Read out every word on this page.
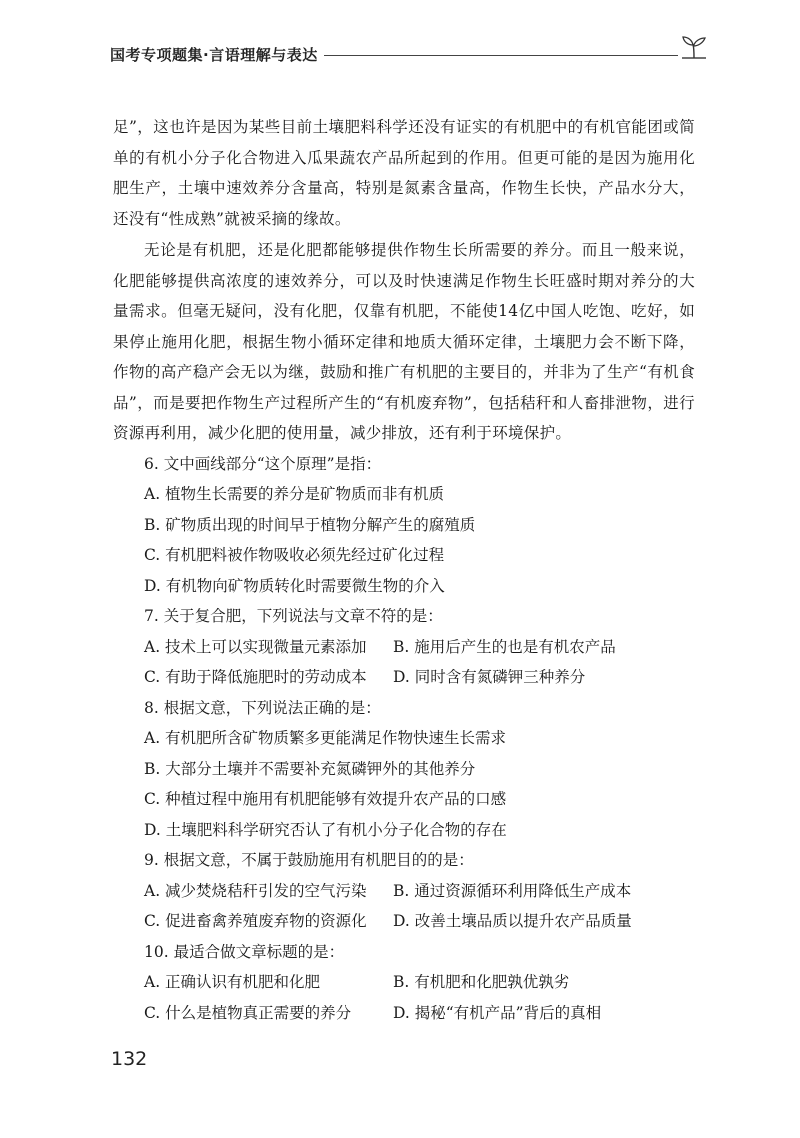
国考专项题集·言语理解与表达

足”，这也许是因为某些目前土壤肥料科学还没有证实的有机肥中的有机官能团或简单的有机小分子化合物进入瓜果蔬农产品所起到的作用。但更可能的是因为施用化肥生产，土壤中速效养分含量高，特别是氮素含量高，作物生长快，产品水分大，还没有“性成熟”就被采摘的缘故。

无论是有机肥，还是化肥都能够提供作物生长所需要的养分。而且一般来说，化肥能够提供高浓度的速效养分，可以及时快速满足作物生长旺盛时期对养分的大量需求。但毫无疑问，没有化肥，仅靠有机肥，不能使14亿中国人吃饱、吃好，如果停止施用化肥，根据生物小循环定律和地质大循环定律，土壤肥力会不断下降，作物的高产稳产会无以为继，鼓励和推广有机肥的主要目的，并非为了生产“有机食品”，而是要把作物生产过程所产生的“有机废弃物”，包括秸秆和人畜排泄物，进行资源再利用，减少化肥的使用量，减少排放，还有利于环境保护。

6. 文中画线部分“这个原理”是指：

A. 植物生长需要的养分是矿物质而非有机质

B. 矿物质出现的时间早于植物分解产生的腐殖质

C. 有机肥料被作物吸收必须先经过矿化过程

D. 有机物向矿物质转化时需要微生物的介入

7. 关于复合肥，下列说法与文章不符的是：

A. 技术上可以实现微量元素添加	B. 施用后产生的也是有机农产品
C. 有助于降低施肥时的劳动成本	D. 同时含有氮磷钾三种养分

8. 根据文意，下列说法正确的是：

A. 有机肥所含矿物质繁多更能满足作物快速生长需求

B. 大部分土壤并不需要补充氮磷钾外的其他养分

C. 种植过程中施用有机肥能够有效提升农产品的口感

D. 土壤肥料科学研究否认了有机小分子化合物的存在

9. 根据文意，不属于鼓励施用有机肥目的的是：

A. 减少焚烧秸秆引发的空气污染	B. 通过资源循环利用降低生产成本
C. 促进畜禽养殖废弃物的资源化	D. 改善土壤品质以提升农产品质量

10. 最适合做文章标题的是：

A. 正确认识有机肥和化肥	B. 有机肥和化肥孰优孰劣
C. 什么是植物真正需要的养分	D. 揭秘“有机产品”背后的真相
132
